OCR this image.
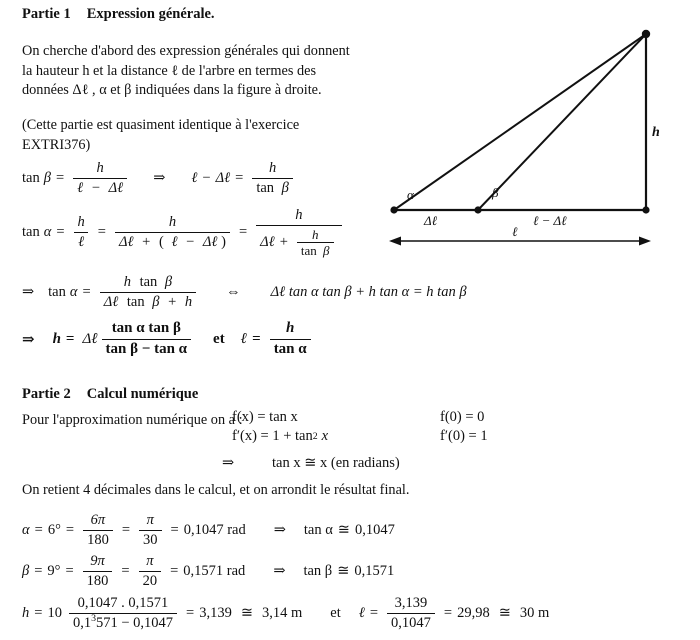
Partie 1 Expression générale.
On cherche d'abord des expression générales qui donnent la hauteur h et la distance ℓ de l'arbre en termes des données Δℓ , α et β indiquées dans la figure à droite.
(Cette partie est quasiment identique à l'exercice EXTRI376)
$\tan \beta = \frac{h}{\text{ℓ − Δℓ}}$ ⇒ ℓ − Δℓ = $\frac{h}{\text{tan β}}$
$\tan \alpha = \frac{h}{\text{ℓ}} = \frac{h}{\text{Δℓ + ( ℓ − Δℓ )}}$ =
h
Δℓ + $\frac{h}{\text{tan β}}$
⇒ $\tan \alpha = \frac{\text{h tan β}}{\text{Δℓ tan β + h}}$ ⇔ Δℓ tan α tan β + h tan α = h tan β
⇒ h = Δℓ $\frac{\text{tan α tan β}}{\text{tan β − tan α}}$ et ℓ = $\frac{h}{\text{tan α}}$
α	β
h
Δℓ	ℓ − Δℓ
ℓ
Partie 2 Calcul numérique
Pour l'approximation numérique on a :
f(x) = tan x	f(0) = 0
f′(x) = 1 + tan 2 x	f′(0) = 1
⇒	tan x ≅ x (en radians)
On retient 4 décimales dans le calcul, et on arrondit le résultat final.
$\alpha = 6^\circ = \frac{6\pi}{180} = \frac{\pi}{30} = 0,1047$ rad ⇒ tan α ≅ 0,1047
$\beta = 9^\circ = \frac{9\pi}{180} = \frac{\pi}{20} = 0,1571$ rad ⇒ tan β ≅ 0,1571
$h = 10 \frac{0,1047 . 0,1571}{0,1^3571 - 0,1047} = 3,139$ ≅ 3,14 m et ℓ = $\frac{3,139}{0,1047} = 29,98$ ≅ 30 m
